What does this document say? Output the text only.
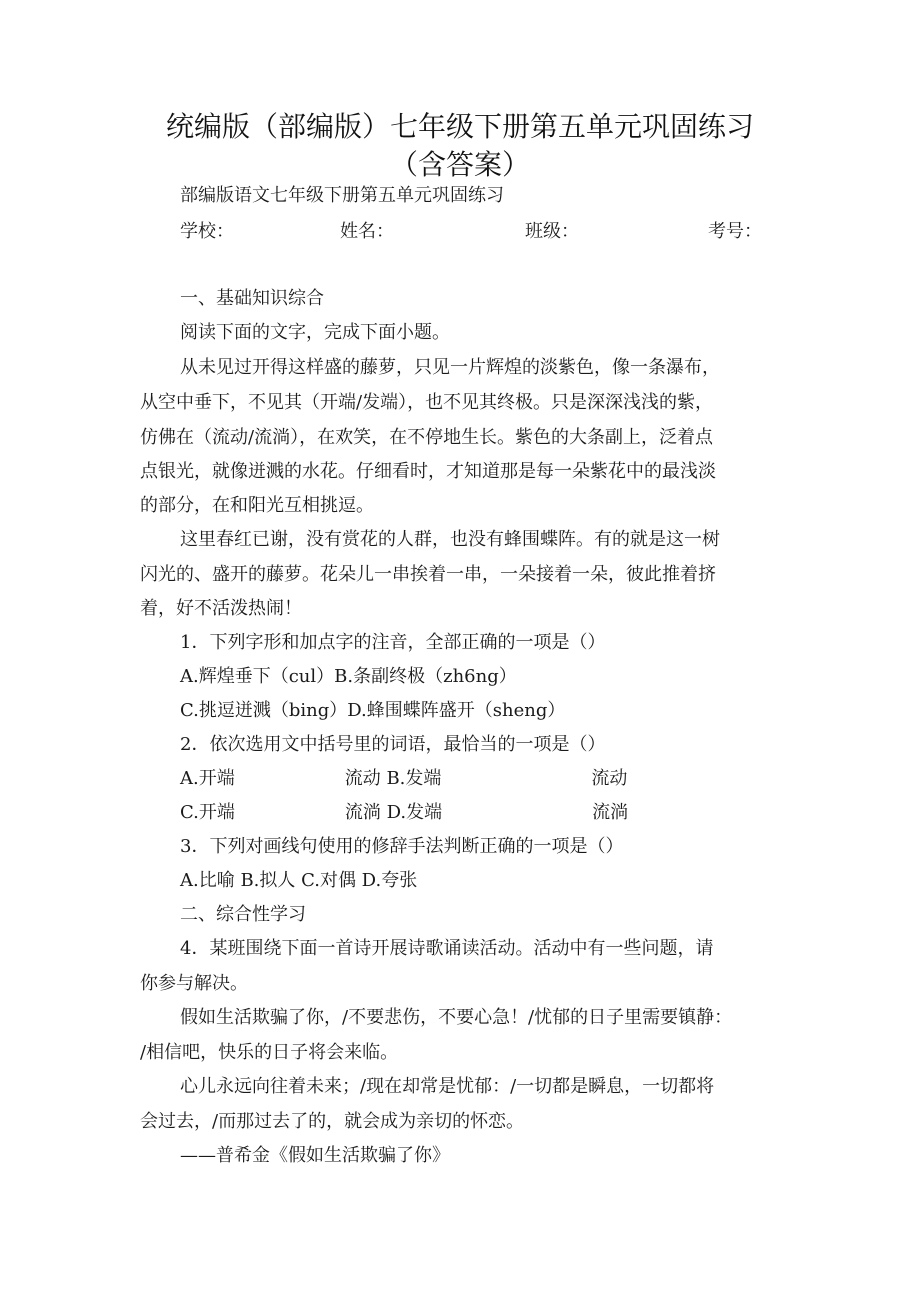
统编版（部编版）七年级下册第五单元巩固练习（含答案）
部编版语文七年级下册第五单元巩固练习
学校：	姓名：	班级：	考号：
一、基础知识综合
阅读下面的文字，完成下面小题。
从未见过开得这样盛的藤萝，只见一片辉煌的淡紫色，像一条瀑布，
从空中垂下，不见其（开端/发端），也不见其终极。只是深深浅浅的紫，
仿佛在（流动/流淌），在欢笑，在不停地生长。紫色的大条副上，泛着点
点银光，就像迸溅的水花。仔细看时，才知道那是每一朵紫花中的最浅淡
的部分，在和阳光互相挑逗。
这里春红已谢，没有赏花的人群，也没有蜂围蝶阵。有的就是这一树
闪光的、盛开的藤萝。花朵儿一串挨着一串，一朵接着一朵，彼此推着挤
着，好不活泼热闹！
1．下列字形和加点字的注音，全部正确的一项是（）
A.辉煌垂下（cul）B.条副终极（zh6ng）
C.挑逗迸溅（bing）D.蜂围蝶阵盛开（sheng）
2．依次选用文中括号里的词语，最恰当的一项是（）
A.开端	流动 B.发端	流动
C.开端	流淌 D.发端	流淌
3．下列对画线句使用的修辞手法判断正确的一项是（）
A.比喻 B.拟人 C.对偶 D.夸张
二、综合性学习
4．某班围绕下面一首诗开展诗歌诵读活动。活动中有一些问题，请
你参与解决。
假如生活欺骗了你，/不要悲伤，不要心急！/忧郁的日子里需要镇静：
/相信吧，快乐的日子将会来临。
心儿永远向往着未来；/现在却常是忧郁：/一切都是瞬息，一切都将
会过去，/而那过去了的，就会成为亲切的怀恋。
——普希金《假如生活欺骗了你》
